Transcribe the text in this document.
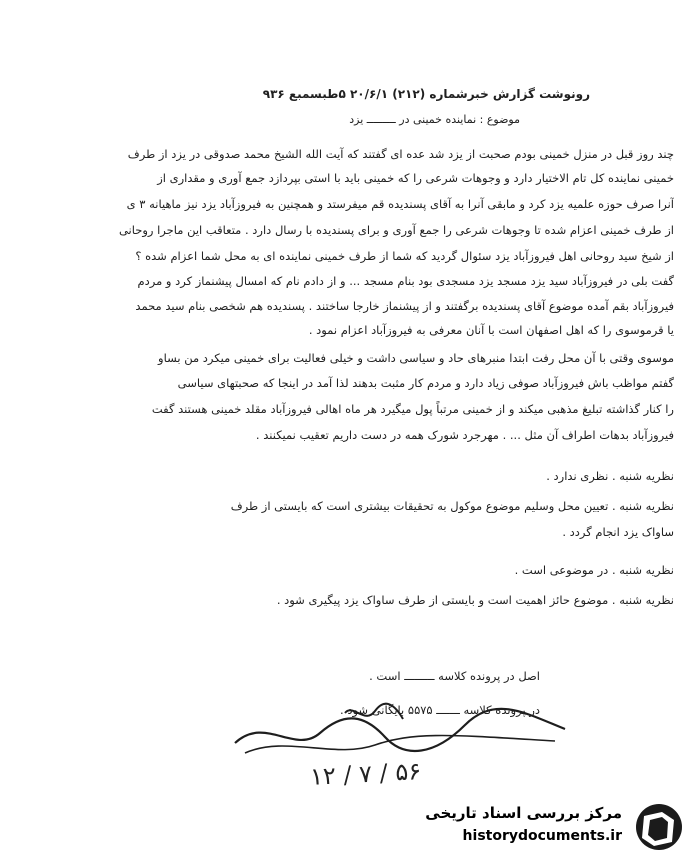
رونوشت گزارش خبرشماره (۲۱۲) ۲۰/۶/۱ ۵طبسمبع ۹۳۶
موضوع : نماینده خمینی در ـــــــــ یزد
چند روز قبل در منزل خمینی بودم صحبت از یزد شد عده ای گفتند که آیت الله الشیخ محمد صدوقی در یزد از طرف
خمینی نماینده کل تام الاختیار دارد و وجوهات شرعی را که خمینی باید با استی بپردازد جمع آوری و مقداری از
آنرا صرف حوزه علمیه یزد کرد و مابقی آنرا به آقای پسندیده قم میفرستد و همچنین به فیروزآباد یزد نیز ماهیانه ۳ ی
از طرف خمینی اعزام شده تا وجوهات شرعی را جمع آوری و برای پسندیده با رسال دارد . متعاقب این ماجرا روحانی
از شیخ سید روحانی اهل فیروزآباد یزد سئوال گردید که شما از طرف خمینی نماینده ای به محل شما اعزام شده ؟
گفت بلی در فیروزآباد سید یزد مسجد یزد مسجدی بود بنام مسجد ... و از دادم نام که امسال پیشنماز کرد و مردم
فیروزآباد بقم آمده موضوع آقای پسندیده برگفتند و از پیشنماز خارجا ساختند . پسندیده هم شخصی بنام سید محمد
یا قرموسوی را که اهل اصفهان است با آنان معرفی به فیروزآباد اعزام نمود .
موسوی وقتی با آن محل رفت ابتدا منبرهای حاد و سیاسی داشت و خیلی فعالیت برای خمینی میکرد من بساو
گفتم مواظب باش فیروزآباد صوفی زیاد دارد و مردم کار مثبت بدهند لذا آمد در اینجا که صحبتهای سیاسی
را کنار گذاشته تبلیغ مذهبی میکند و از خمینی مرتباً پول میگیرد هر ماه اهالی فیروزآباد مقلد خمینی هستند گفت
فیروزآباد بدهات اطراف آن مثل ... . مهرجرد شورک همه در دست داریم تعقیب نمیکنند .
نظریه شنبه . نظری ندارد .
نظریه شنبه . تعیین محل وسلیم موضوع موکول به تحقیقات بیشتری است که بایستی از طرف
ساواک یزد انجام گردد .
نظریه شنبه . در موضوعی است .
نظریه شنبه . موضوع حائز اهمیت است و بایستی از طرف ساواک یزد پیگیری شود .
اصل در پرونده کلاسه ـــــــــ است .
در پرونده کلاسه ـــــــ ۵۵۷۵ بایگانی شود .
۱۲ / ۷ / ۵۶
مرکز بررسی اسناد تاریخی
historydocuments.ir
